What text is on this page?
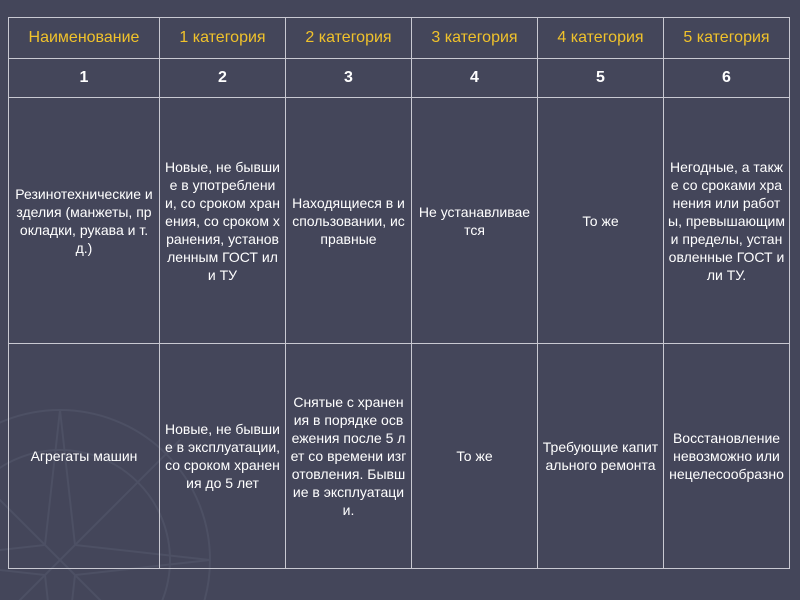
Наименование	1 категория	2 категория	3 категория	4 категория	5 категория
1	2	3	4	5	6
Резинотехнические изделия (манжеты, прокладки, рукава и т. д.)	Новые, не бывшие в употреблении, со сроком хранения, со сроком хранения, установленным ГОСТ или ТУ	Находящиеся в использовании, исправные	Не устанавливается	То же	Негодные, а также со сроками хранения или работы, превышающими пределы, установленные ГОСТ или ТУ.
Агрегаты машин	Новые, не бывшие в эксплуатации, со сроком хранения до 5 лет	Снятые с хранения в порядке освежения после 5 лет со времени изготовления. Бывшие в эксплуатации.	То же	Требующие капитального ремонта	Восстановление невозможно или нецелесообразно
